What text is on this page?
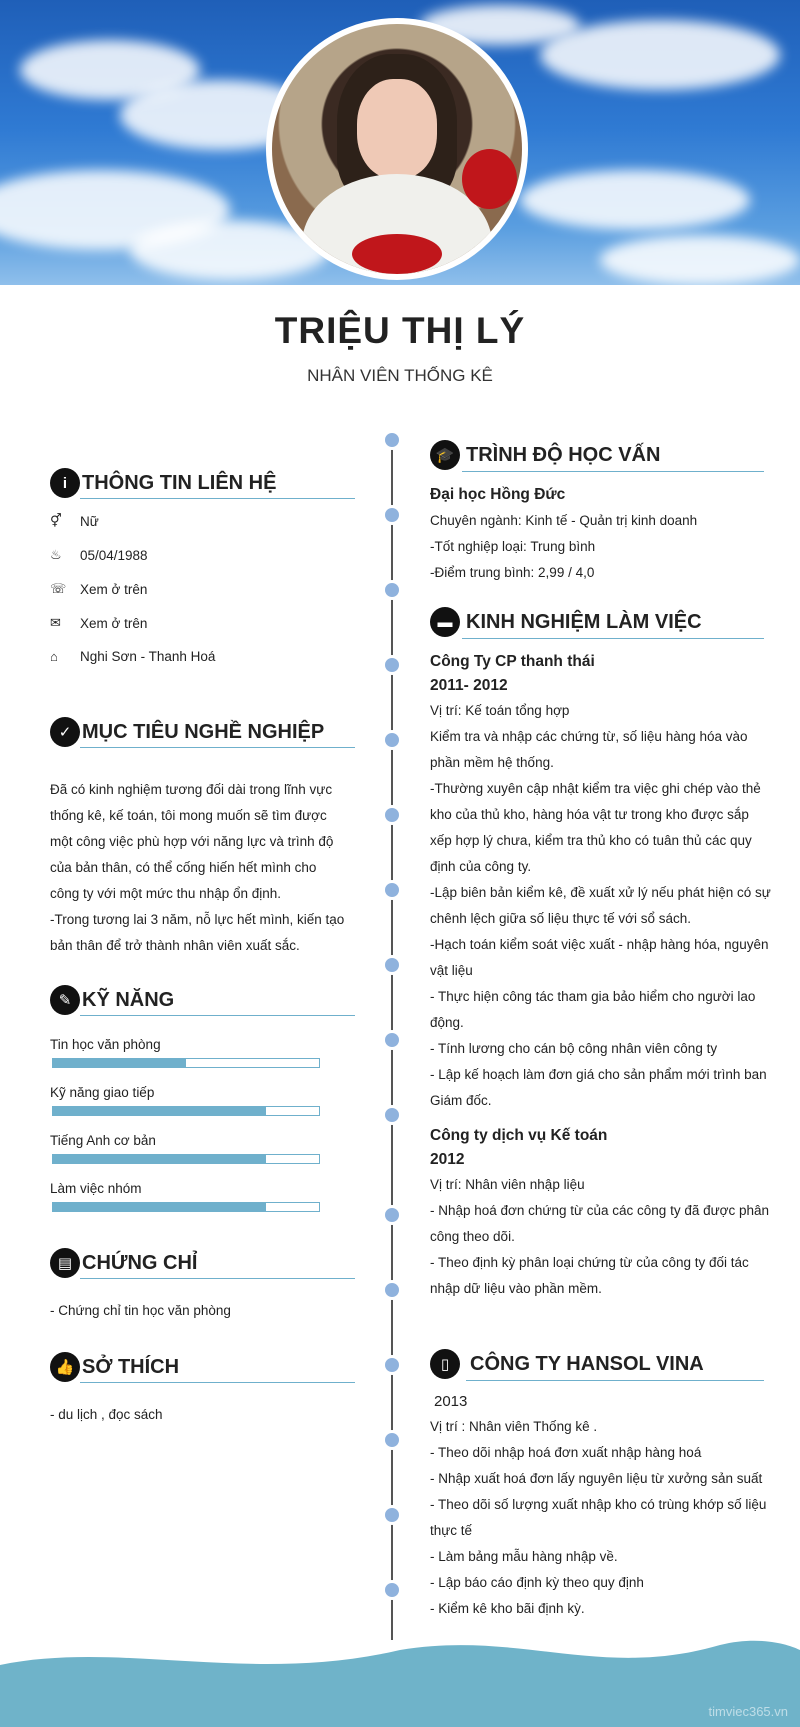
TRIỆU THỊ LÝ
NHÂN VIÊN THỐNG KÊ
i THÔNG TIN LIÊN HỆ
⚥	Nữ
♨	05/04/1988
☏ Xem ở trên
✉	Xem ở trên
⌂	Nghi Sơn - Thanh Hoá
✓ MỤC TIÊU NGHỀ NGHIỆP
Đã có kinh nghiệm tương đối dài trong lĩnh vực
thống kê, kế toán, tôi mong muốn sẽ tìm được
một công việc phù hợp với năng lực và trình độ
của bản thân, có thể cống hiến hết mình cho
công ty với một mức thu nhập ổn định.
-Trong tương lai 3 năm, nỗ lực hết mình, kiến tạo
bản thân để trở thành nhân viên xuất sắc.
✎ KỸ NĂNG
Tin học văn phòng
Kỹ năng giao tiếp
Tiếng Anh cơ bản
Làm việc nhóm
▤ CHỨNG CHỈ
- Chứng chỉ tin học văn phòng
👍 SỞ THÍCH
- du lịch , đọc sách
🎓 TRÌNH ĐỘ HỌC VẤN
Đại học Hồng Đức
Chuyên ngành: Kinh tế - Quản trị kinh doanh
-Tốt nghiệp loại: Trung bình
-Điểm trung bình: 2,99 / 4,0
▬ KINH NGHIỆM LÀM VIỆC
Công Ty CP thanh thái
2011- 2012
Vị trí: Kế toán tổng hợp
Kiểm tra và nhập các chứng từ, số liệu hàng hóa vào
phần mềm hệ thống.
-Thường xuyên cập nhật kiểm tra việc ghi chép vào thẻ
kho của thủ kho, hàng hóa vật tư trong kho được sắp
xếp hợp lý chưa, kiểm tra thủ kho có tuân thủ các quy
định của công ty.
-Lập biên bản kiểm kê, đề xuất xử lý nếu phát hiện có sự
chênh lệch giữa số liệu thực tế với sổ sách.
-Hạch toán kiểm soát việc xuất - nhập hàng hóa, nguyên
vật liệu
- Thực hiện công tác tham gia bảo hiểm cho người lao
động.
- Tính lương cho cán bộ công nhân viên công ty
- Lập kế hoạch làm đơn giá cho sản phẩm mới trình ban
Giám đốc.
Công ty dịch vụ Kế toán
2012
Vị trí: Nhân viên nhập liệu
- Nhập hoá đơn chứng từ của các công ty đã được phân
công theo dõi.
- Theo định kỳ phân loại chứng từ của công ty đối tác
nhập dữ liệu vào phần mềm.
▯	CÔNG TY HANSOL VINA
2013
Vị trí : Nhân viên Thống kê .
- Theo dõi nhập hoá đơn xuất nhập hàng hoá
- Nhập xuất hoá đơn lấy nguyên liệu từ xưởng sản suất
- Theo dõi số lượng xuất nhập kho có trùng khớp số liệu
thực tế
- Làm bảng mẫu hàng nhập về.
- Lập báo cáo định kỳ theo quy định
- Kiểm kê kho bãi định kỳ.
timviec365.vn
